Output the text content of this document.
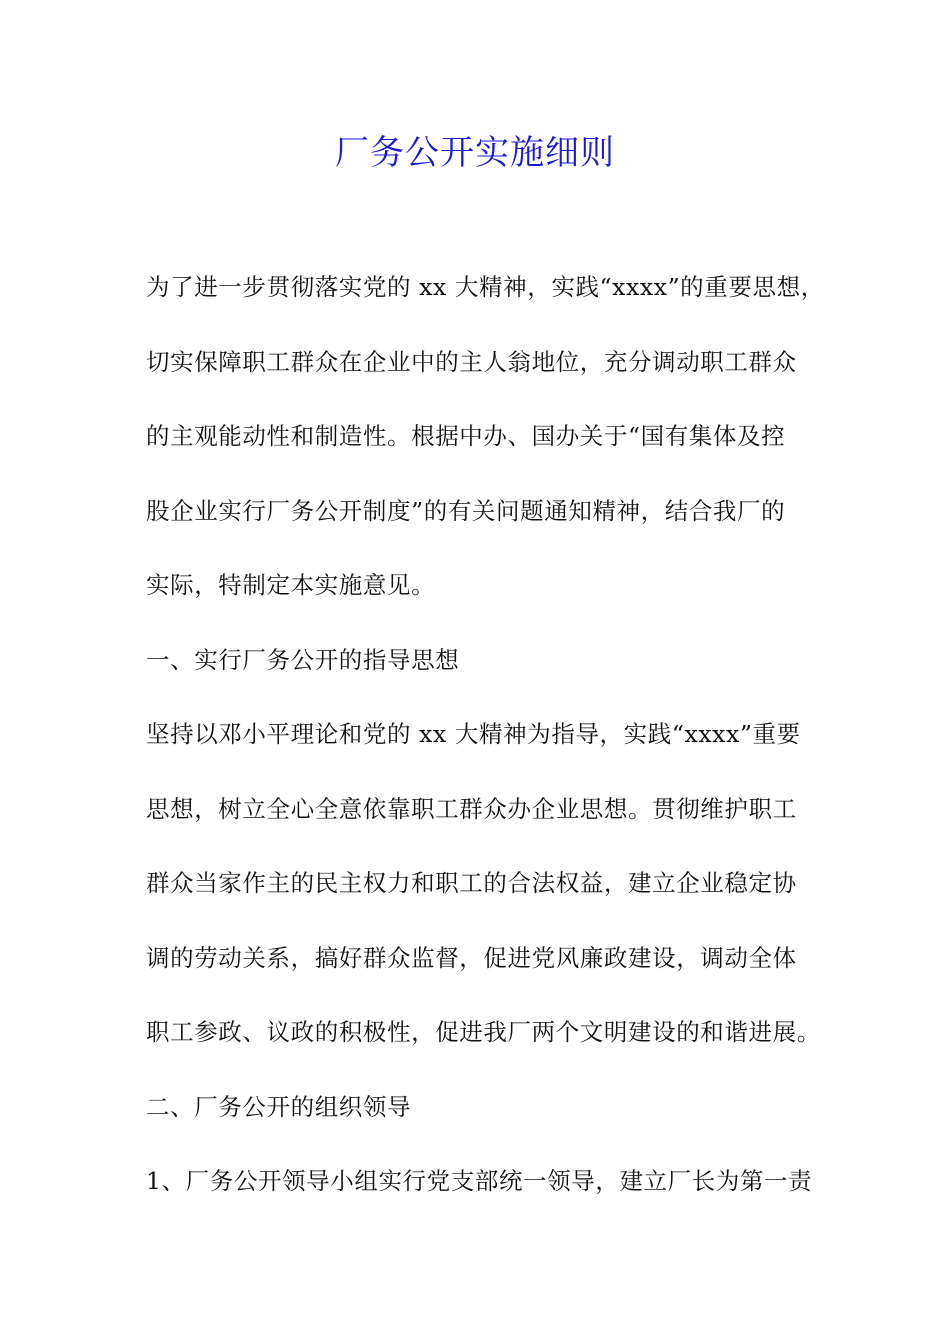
厂务公开实施细则
为了进一步贯彻落实党的 xx 大精神，实践“xxxx”的重要思想，
切实保障职工群众在企业中的主人翁地位，充分调动职工群众
的主观能动性和制造性。根据中办、国办关于“国有集体及控
股企业实行厂务公开制度”的有关问题通知精神，结合我厂的
实际，特制定本实施意见。
一、实行厂务公开的指导思想
坚持以邓小平理论和党的 xx 大精神为指导，实践“xxxx”重要
思想，树立全心全意依靠职工群众办企业思想。贯彻维护职工
群众当家作主的民主权力和职工的合法权益，建立企业稳定协
调的劳动关系，搞好群众监督，促进党风廉政建设，调动全体
职工参政、议政的积极性，促进我厂两个文明建设的和谐进展。
二、厂务公开的组织领导
1、厂务公开领导小组实行党支部统一领导，建立厂长为第一责
